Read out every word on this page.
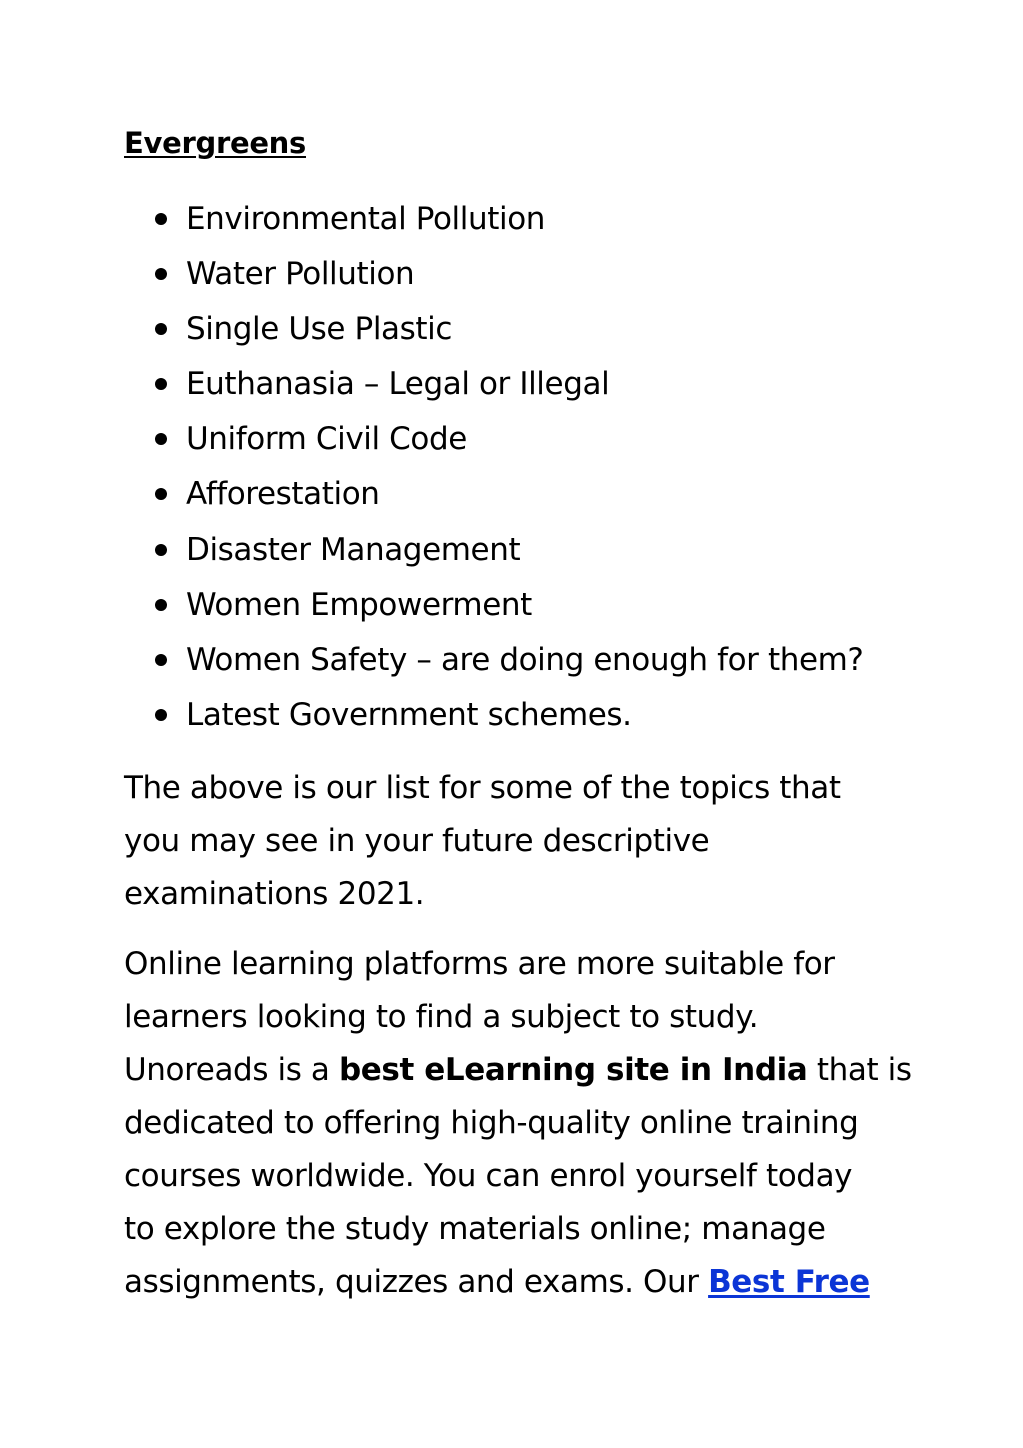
Evergreens
Environmental Pollution
Water Pollution
Single Use Plastic
Euthanasia – Legal or Illegal
Uniform Civil Code
Afforestation
Disaster Management
Women Empowerment
Women Safety – are doing enough for them?
Latest Government schemes.

The above is our list for some of the topics that
you may see in your future descriptive
examinations 2021.

Online learning platforms are more suitable for
learners looking to find a subject to study.
Unoreads is a best eLearning site in India that is
dedicated to offering high-quality online training
courses worldwide. You can enrol yourself today
to explore the study materials online; manage
assignments, quizzes and exams. Our Best Free
